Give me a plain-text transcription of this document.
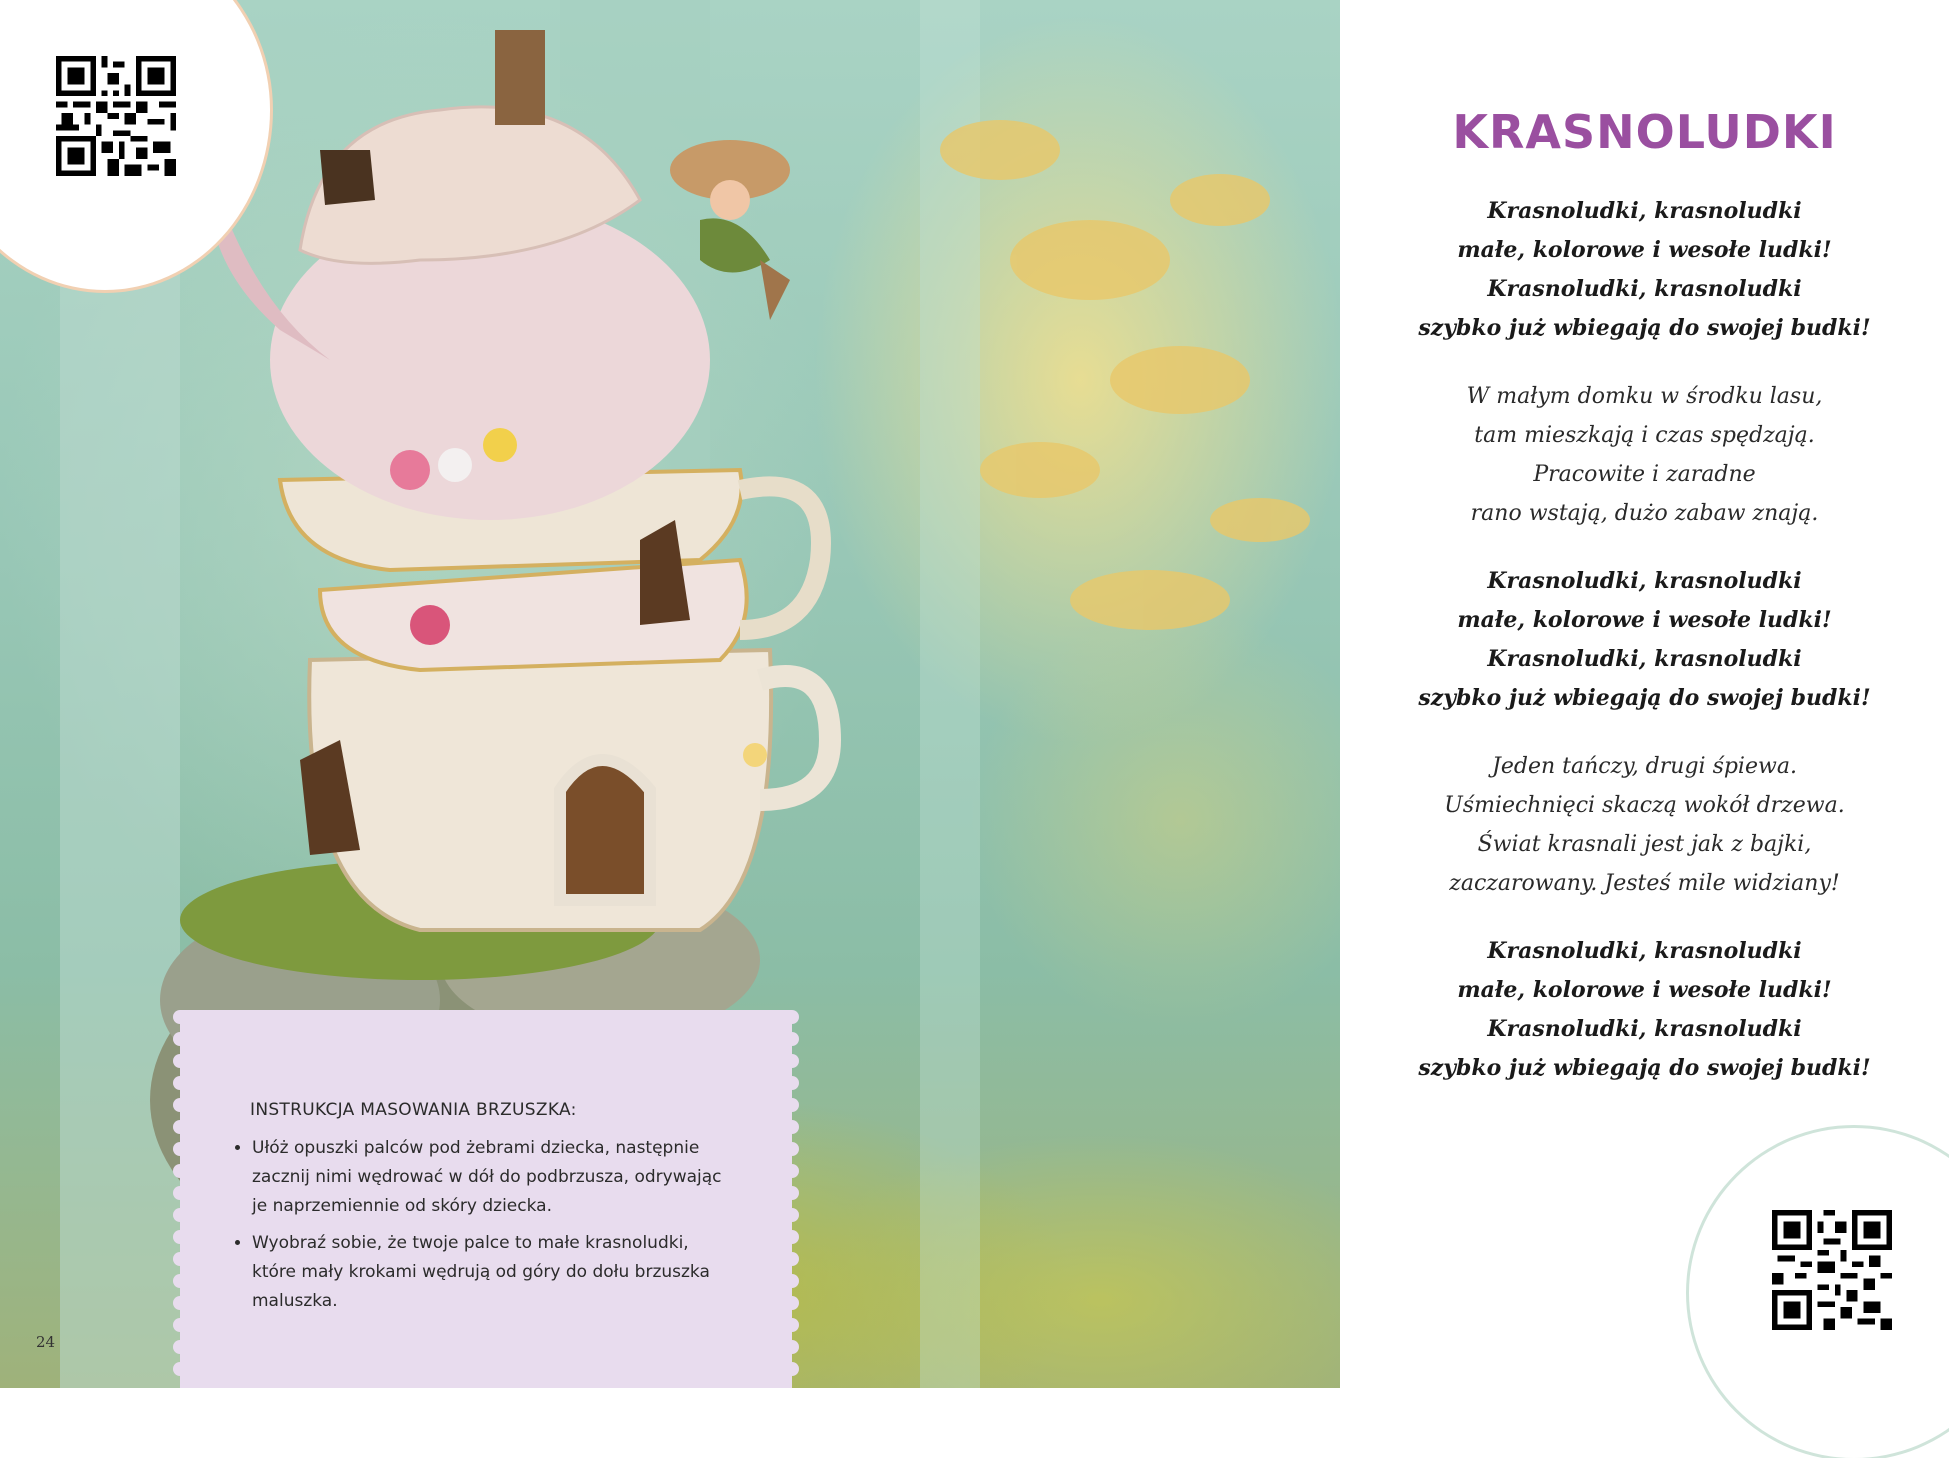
INSTRUKCJA MASOWANIA BRZUSZKA:

• Ułóż opuszki palców pod żebrami dziecka, następnie zacznij nimi wędrować w dół do podbrzusza, odrywając je naprzemiennie od skóry dziecka.
• Wyobraź sobie, że twoje palce to małe krasnoludki, które mały krokami wędrują od góry do dołu brzuszka maluszka.
24
KRASNOLUDKI
Krasnoludki, krasnoludki
małe, kolorowe i wesołe ludki!
Krasnoludki, krasnoludki
szybko już wbiegają do swojej budki!
W małym domku w środku lasu,
tam mieszkają i czas spędzają.
Pracowite i zaradne
rano wstają, dużo zabaw znają.
Krasnoludki, krasnoludki
małe, kolorowe i wesołe ludki!
Krasnoludki, krasnoludki
szybko już wbiegają do swojej budki!
Jeden tańczy, drugi śpiewa.
Uśmiechnięci skaczą wokół drzewa.
Świat krasnali jest jak z bajki,
zaczarowany. Jesteś mile widziany!
Krasnoludki, krasnoludki
małe, kolorowe i wesołe ludki!
Krasnoludki, krasnoludki
szybko już wbiegają do swojej budki!
